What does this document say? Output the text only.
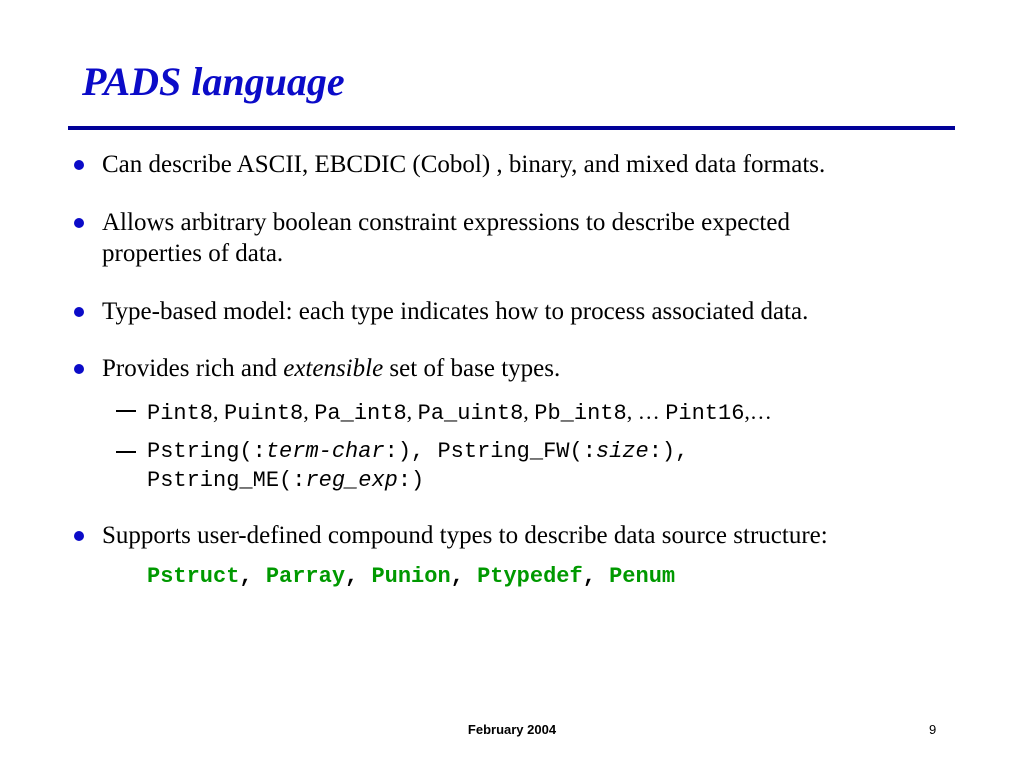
PADS language
Can describe ASCII, EBCDIC (Cobol) , binary, and mixed data formats.
Allows arbitrary boolean constraint expressions to describe expected
properties of data.
Type-based model: each type indicates how to process associated data.
Provides rich and extensible set of base types.
Pint8, Puint8, Pa_int8, Pa_uint8, Pb_int8, … Pint16,…
Pstring(:term-char:), Pstring_FW(:size:),
Pstring_ME(:reg_exp:)
Supports user-defined compound types to describe data source structure:
Pstruct, Parray, Punion, Ptypedef, Penum
February 2004	9
